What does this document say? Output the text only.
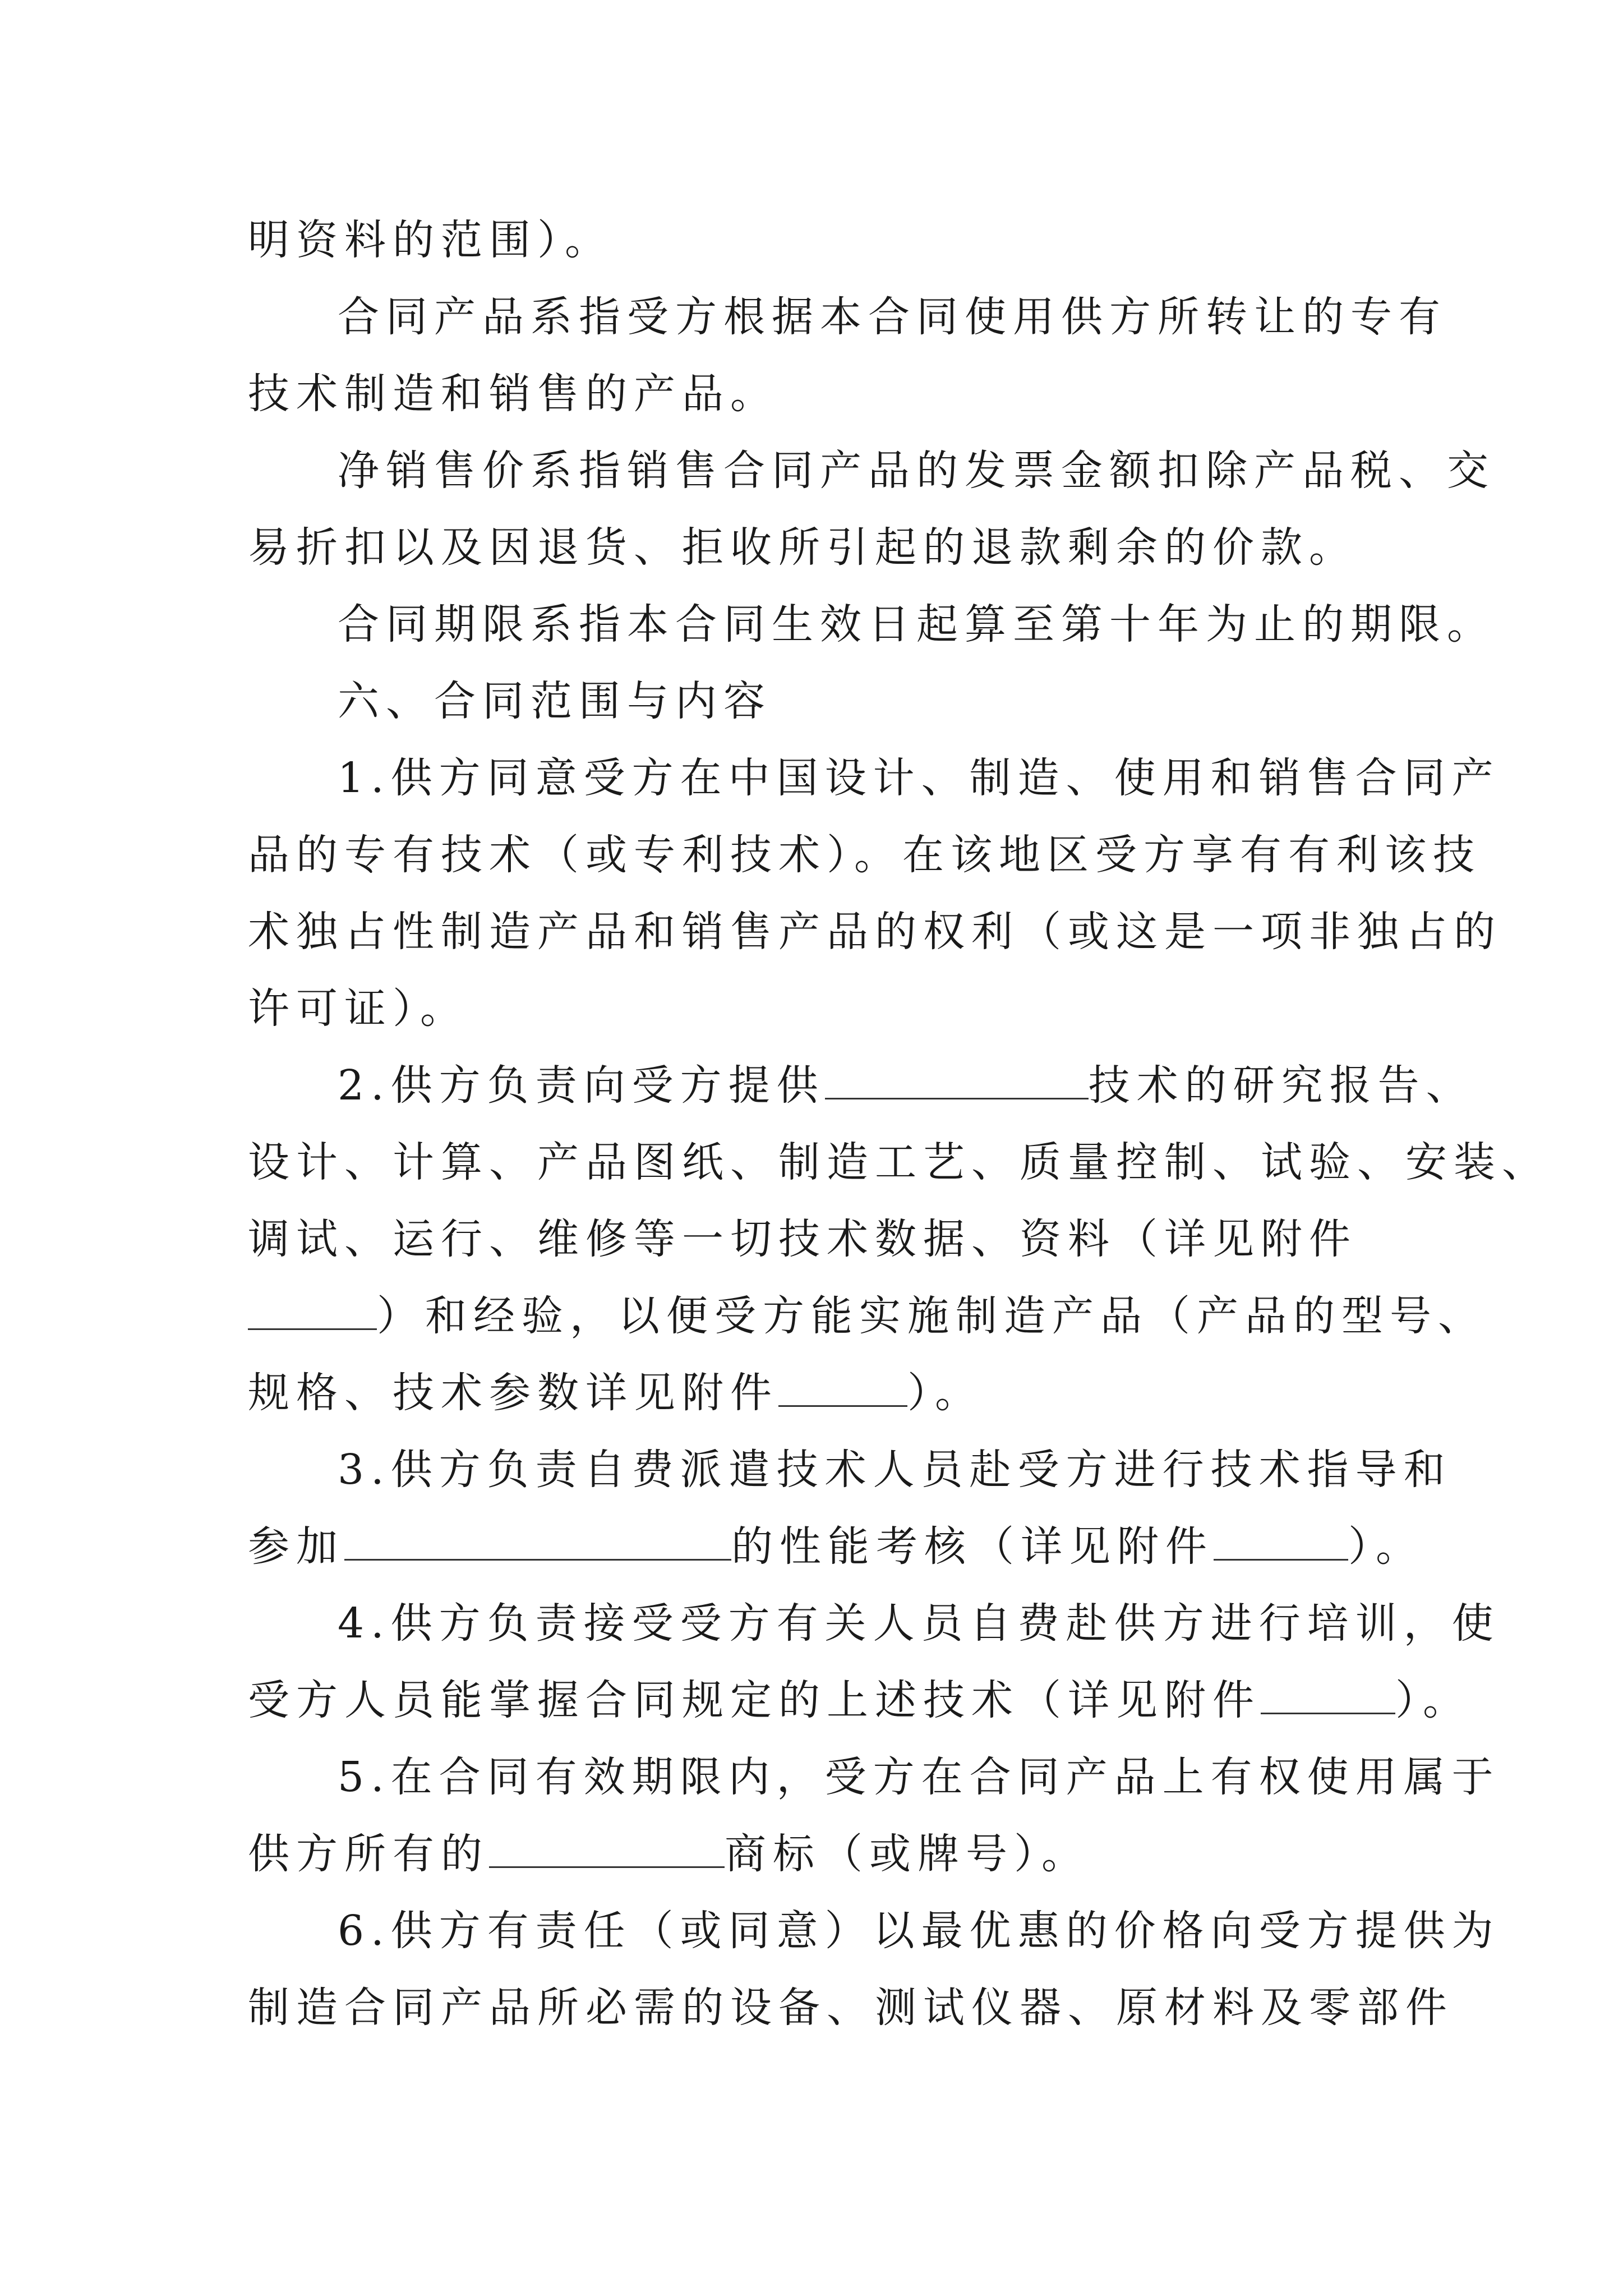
明资料的范围）。
合同产品系指受方根据本合同使用供方所转让的专有
技术制造和销售的产品。
净销售价系指销售合同产品的发票金额扣除产品税、交
易折扣以及因退货、拒收所引起的退款剩余的价款。
合同期限系指本合同生效日起算至第十年为止的期限。
六、合同范围与内容
1.供方同意受方在中国设计、制造、使用和销售合同产
品的专有技术（或专利技术）。在该地区受方享有有利该技
术独占性制造产品和销售产品的权利（或这是一项非独占的
许可证）。
2.供方负责向受方提供	技术的研究报告、
设计、计算、产品图纸、制造工艺、质量控制、试验、安装、
调试、运行、维修等一切技术数据、资料（详见附件
）和经验，以便受方能实施制造产品（产品的型号、
规格、技术参数详见附件	）。
3.供方负责自费派遣技术人员赴受方进行技术指导和
参加	的性能考核（详见附件	）。
4.供方负责接受受方有关人员自费赴供方进行培训，使
受方人员能掌握合同规定的上述技术（详见附件	）。
5.在合同有效期限内，受方在合同产品上有权使用属于
供方所有的	商标（或牌号）。
6.供方有责任（或同意）以最优惠的价格向受方提供为
制造合同产品所必需的设备、测试仪器、原材料及零部件
